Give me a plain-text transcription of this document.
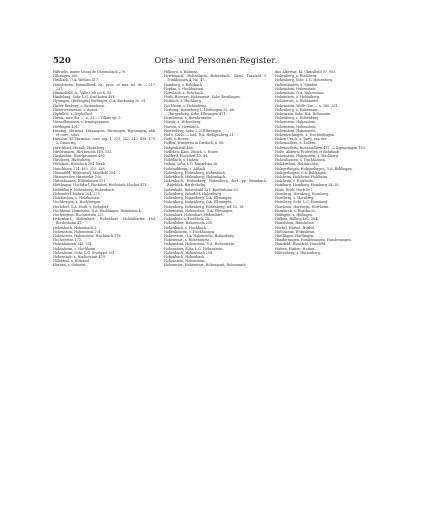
520	Orts- und Personen-Register.

Hiltrudis, mater Vitoni de Chavanbach 270.

Hilzengen 369.

Himbach, O.A. Wöhlau 417.

Himelstown, Himmilheid, Nr., pros. et mer. ed. de — 217. 227.

Himmelfeld, A., Valle Coli occh. 36.

Hindelang, Sohr. L.G. Sonthofen 491.

Hyningen, (Reitingen) Reitingen, O.A. Backnang 30. 91.

Hirter-Rexberg, s. Reinenhorn.

Hinterweissenau, s. Aurox.

Hipfelhof, s. Hephelhof.

Hirma, mer. die. — n. 31. — Villars ep. 5.

Hirnadbrunnen, s. Irmitsprunnen.

Hirrlingen 491.

Hirsaug, Hirsowa, Hirsaugien, Hirsaugen, Hyrsangen, abb. et conv., situs.

Hirsslaa: Kl. Hirsulan, conv. aig. 1, 253. 242. 243. 498. 170, 2, Dinas sig.

Hirschbart, Hirtalb, Hirnsberg.

Hirsbrunnen, Hirzbruoon 149. 152.

Hirslanden, Hirnsprunnen 490.

Hirtsberg, Hirtenberg.

Hirtzlach, Hirzalach 304. Rexb.

Hirschhorn 174. 183. 215. 228.

Hitzenfeld, Hitzenstall, Maysfeld 204.

Hitzenweiler, Hitzwieler 236.

Hittenhausen, Hiltenhusen 231.

Hüttlingen, Hochdorf, Hochdorf, Hochstatt, Hochst 471.

Hohenberg, Hohenberg, Hohenbach.

Hohendorf, Hohen 204. 275.

Holzkirchen, s. Holzhausen.

Hochbergen, s. Hochbergen.

Hochdorf, O.A. Horb, s. Rohrdorf.

Hochheim, Heimheim, O.A. Waiblingen, Heimheim 4.

Hochstetten, Hochstetten 125.

Hohenhart, Hohenhart, Hohenhart, Hohenharter Hof, Bordesholm 41.

Hohenbach, Hohenbach 2.

Hohenstein, Hohenstein 231.

Hohenstein, Hohenstein, Hirchbach 178.

Hochstetten 173.

Hohenhausen 348. 351.

Hohenheim, s. Hochheim.

Hohenheim, Sohr. L.G. Stuttgart 261.

Hohenstatt, s. Hocherstatt 479.

Hillerand, s. Hiltrand.

Hürnen, s. Ostseen.

Hilkowa, s. Hülsena.

Herrtenach, Hohenbach, Hohenbach, Ghiel. Traufeld 3. Trinkhausen 4. No. 47.

Homburg, s. Rohrbach.

Hopfau, s. Hochbausen.

Hornbach, s. Rohrbach.

Horb, Horwart, Hohenwart, Sohr. Reutlingen.

Horbach, s. Hochberg.

Hochheim, s. Hohenberg.

Horbrug, Horneberg 1. Horbergen 53. 66.

— Horgenberg, Sohr. Ellwangen 471.

Hornbrunn, s. Hornbrunnen.

Hörnle, s. Hohenberg.

Horren, s. Hornbach.

Hertenberg, Sohr. L.G. Ellwangen.

Hof s. Carls. — bad. B.A. Heiligenberg 31.

Hofs, s. Hoven.

Hoffen, Wurzeren in Dietlach, n. 66.

Hofgenhardt 488.

Hoflehrn, Kant. Zürich, s. Hoser.

Holderlf, Hochdorf 43. 44.

Hohebach, s. Hohen.

Hohen, Sohr. L.G. Künzelsau 38.

Hohenalfheim, s. Altlach.

Hohenberg, Hohenberg, Hohenbach.

Hohenbach, Hohenberg, Hohenbach.

Hohenbuch, Hohenberg, Hohenberg, dort. pp. Bennbach. Rütebäck, Bordesholm.

Hohenbühl, Hohenbühl 221. Bordesholm 63.

Hohenburg, Rohrdorf, Hohenburg.

Hohenberg, Hohenberg, O.A. Ellwangen.

Hohenberg, Hohenberg, O.A. Ellwangen.

Hohenberg, Hohenberg, Hohenberg, ad. 10. 16.

Hohenstein, Hohenstein, O.A. Ellwangen.

Hohenhart, Hohenhart, Hohenhart.

Hohenholz, s. Hochholz 24.

Hohenloher, Hohenstein 230.

Hohenbach, s. Hochbach.

Hohenhausen, s. Hochhausen.

Hohenstein, O.A. Hohenstein, Hohenburg.

Hohenwart, s. Hohenwarte.

Hohenstein, Hohenstein, O.A. Hohenstein.

Hohenstein, Sohr. L.G. Hohenstein.

Hohenbuch, Hohenbuch 204.

Hohenbach, Hohenbach.

Hohenstein, Hohenstein.

Hohenwart, Hohenwart, Hohenwart, Hohenwart.

dno Albertus, Kl. Ghmulfeld 97. 903.

Hohenberg, s. Hochberg.

Hohenberg, Sohr. L.G. Hohenberg.

Hohenstaufen, s. Staufen.

Hohenstein, Hohenstein.

Hohenstein, O.A. Hohenstein.

Hohenstein, s. Hohenberg.

Hohenwart, s. Hohenwart.

Hohenstein, Wolle dise — n. 380. 551.

Hohenberg, s. Hohenrain.

Hohenrain, Sohr. B.A. Hohenrain.

Hohenberg, s. Hohenberg.

Hohenstein, Hohenstein.

Hohenstein, Hohenstein.

Hohenstein, Hohenstein.

Hohentrichingen, s. Trochtelfingen.

Hohen-Urach, s. Burg, van der.

Hohenzollern, s. Zollern.

Hohenzollern, Hohenzollern 472. — Sigmaringen 183.

Holle, Aldesra, Frideriten et Rohrbach.

Hohenstein, Hohenstein, s. Hochberg.

Hohenhausen, s. Hochhausen.

Holzkirchen, Holzkirchen.

Holzgerlingen, Holzgerlingen, O.A. Böblingen.

Holzgerlingen, O.A. Böblingen.

Holzheim, Holzheim, Holzheim.

Holzheim, s. Holzheim.

Homburg, Homburg, Homburg 24. 28.

Horb, Horb, Horb 201.

Hornberg, Hornberg, Hornberg.

Hornberg, s. Hornberg.

Hornberg, Sohr. L.G. Hornberg.

Horrheim, Horrheim, Horrheim.

Hosskirch, s. Hosskirch.

Hüfingen, s. Hüfingen.

Hülben, Hülben 461. 204.

Hunolstein, Hunolstein.

Hürbel, Hürbel, Hürbel.

Hüttisheim, Hüttisheim.

Hüttlingen, Hüttlingen.

Hundersingen, Hundersingen, Hundersingen.

Hunefeld, Hunefeld, Hunefeld.

Hutten, Hutten, Hutten.

Hüttenberg, s. Hüttenberg.
